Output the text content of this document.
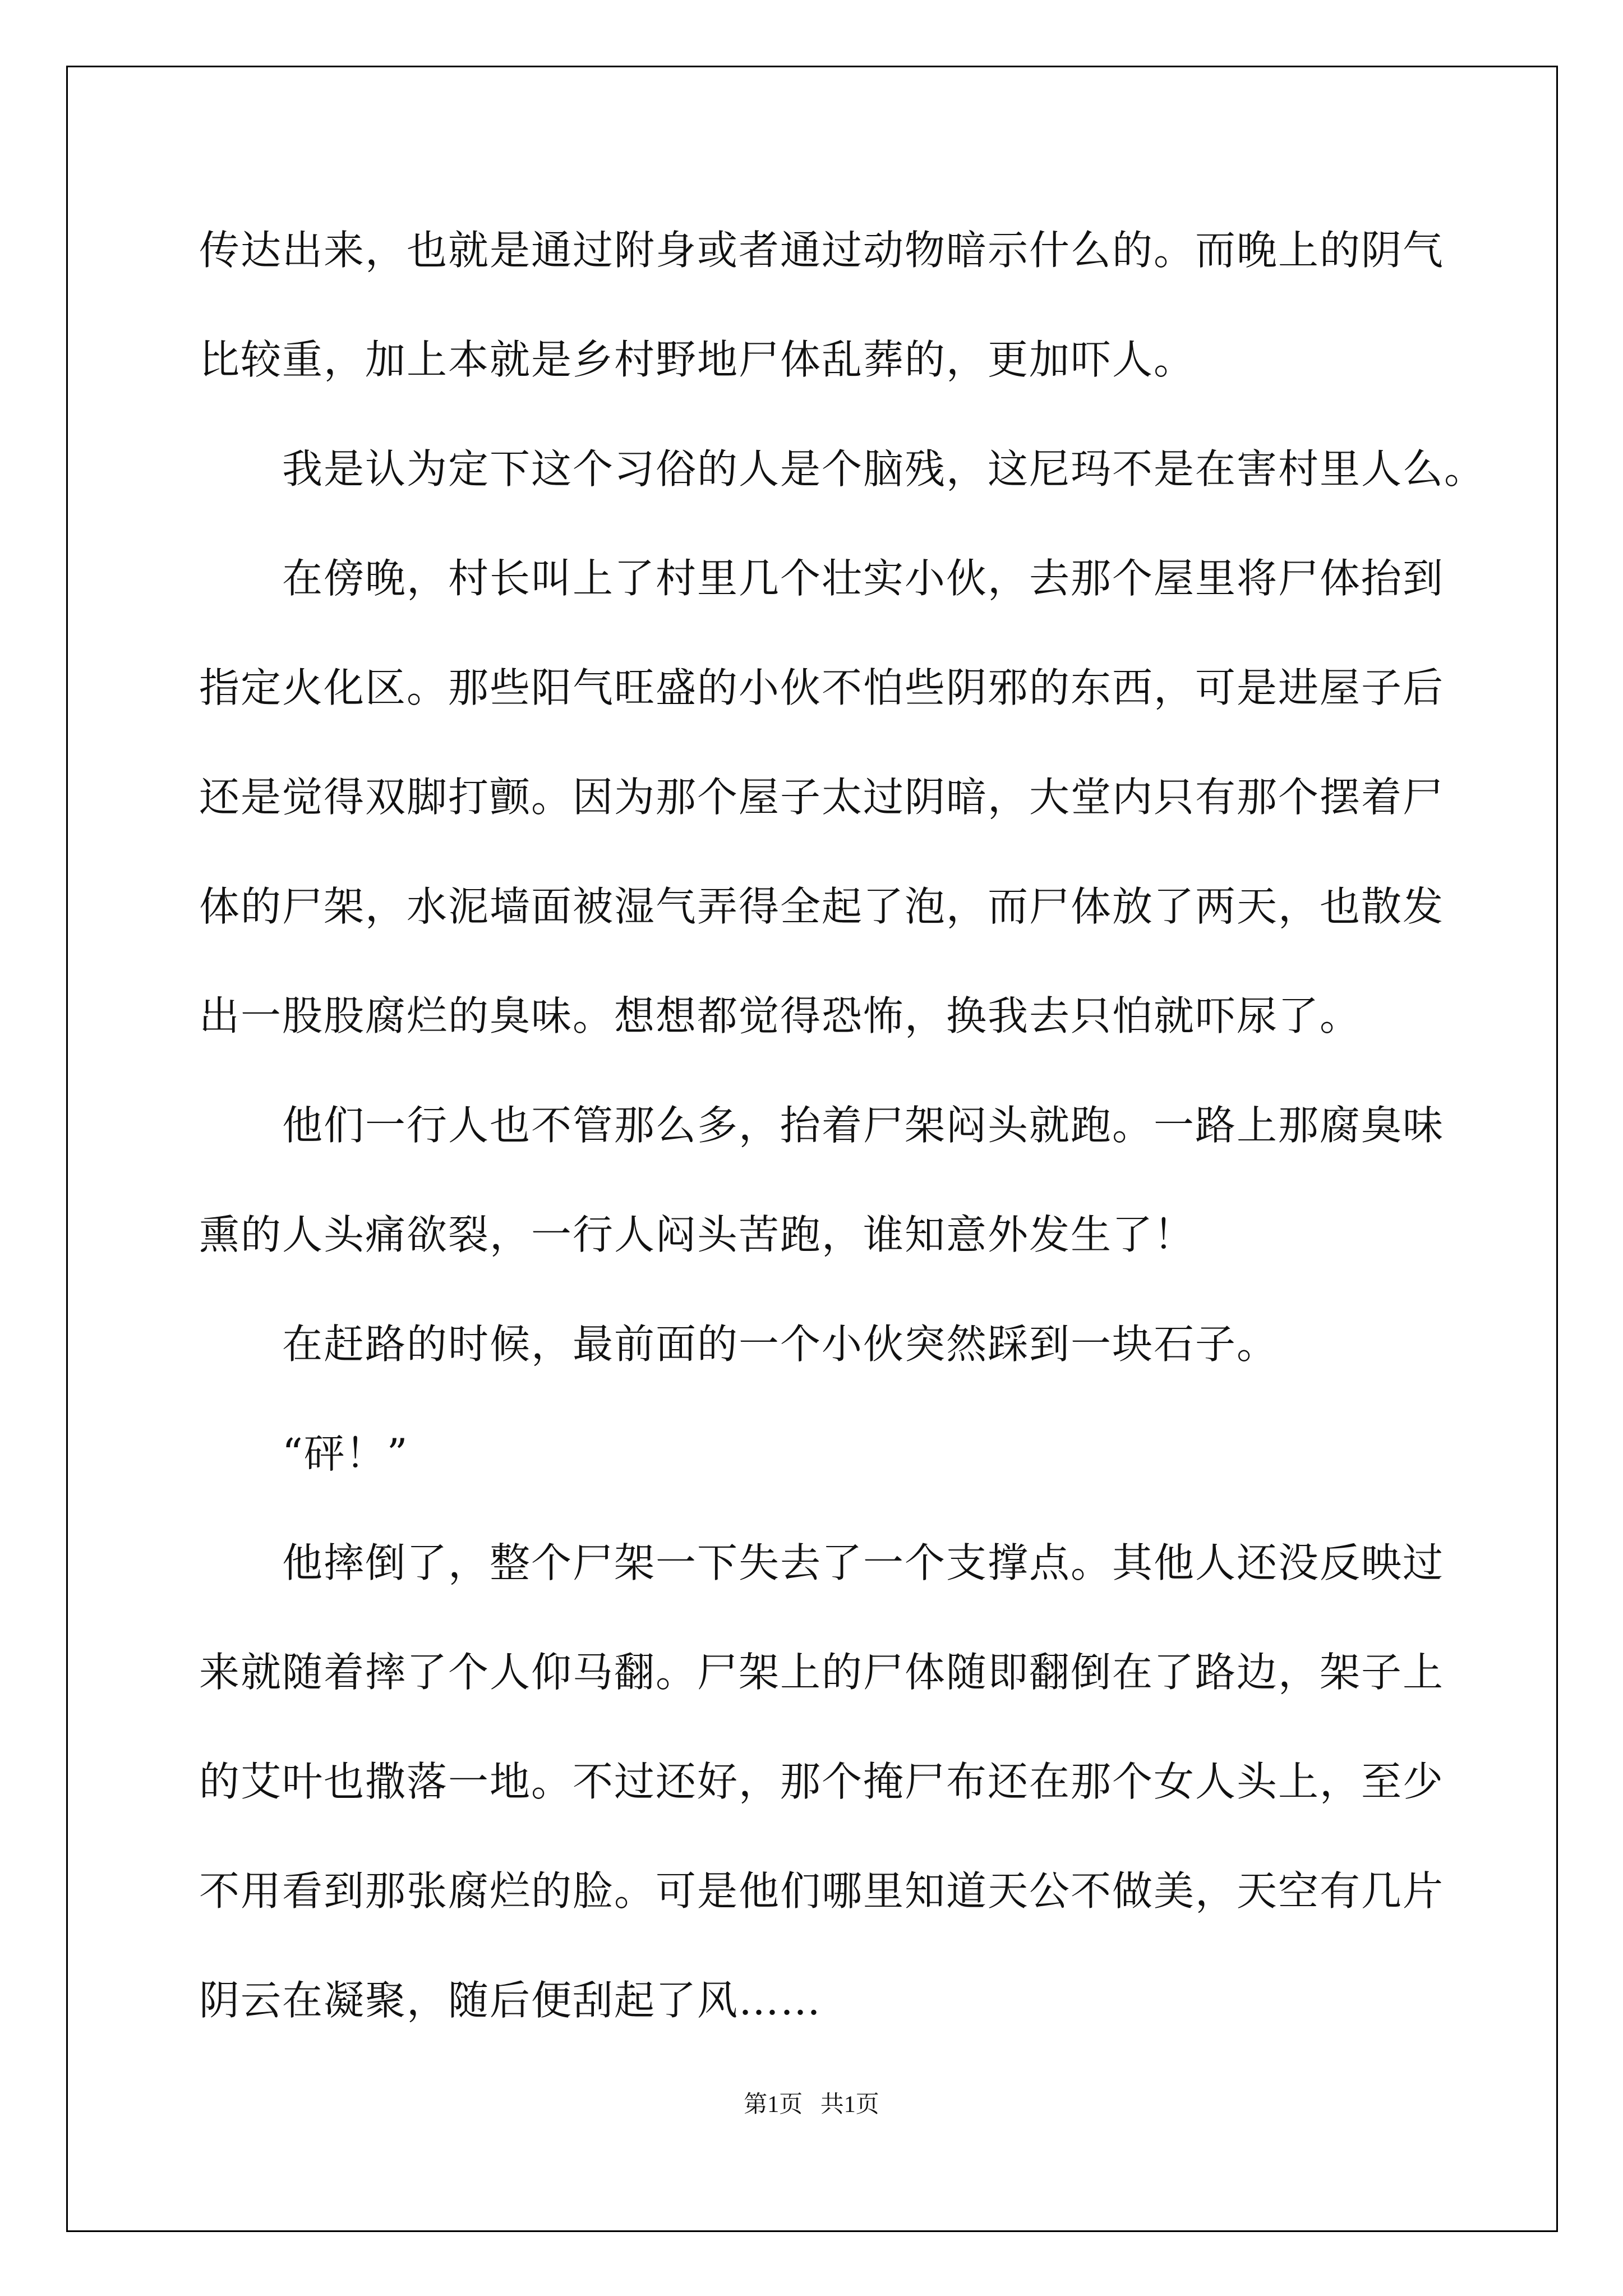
传达出来，也就是通过附身或者通过动物暗示什么的。而晚上的阴气
比较重，加上本就是乡村野地尸体乱葬的，更加吓人。
我是认为定下这个习俗的人是个脑残，这尼玛不是在害村里人么。
在傍晚，村长叫上了村里几个壮实小伙，去那个屋里将尸体抬到
指定火化区。那些阳气旺盛的小伙不怕些阴邪的东西，可是进屋子后
还是觉得双脚打颤。因为那个屋子太过阴暗，大堂内只有那个摆着尸
体的尸架，水泥墙面被湿气弄得全起了泡，而尸体放了两天，也散发
出一股股腐烂的臭味。想想都觉得恐怖，换我去只怕就吓尿了。
他们一行人也不管那么多，抬着尸架闷头就跑。一路上那腐臭味
熏的人头痛欲裂，一行人闷头苦跑，谁知意外发生了！
在赶路的时候，最前面的一个小伙突然踩到一块石子。
“砰！”
他摔倒了，整个尸架一下失去了一个支撑点。其他人还没反映过
来就随着摔了个人仰马翻。尸架上的尸体随即翻倒在了路边，架子上
的艾叶也撒落一地。不过还好，那个掩尸布还在那个女人头上，至少
不用看到那张腐烂的脸。可是他们哪里知道天公不做美，天空有几片
阴云在凝聚，随后便刮起了风……
第1页   共1页
